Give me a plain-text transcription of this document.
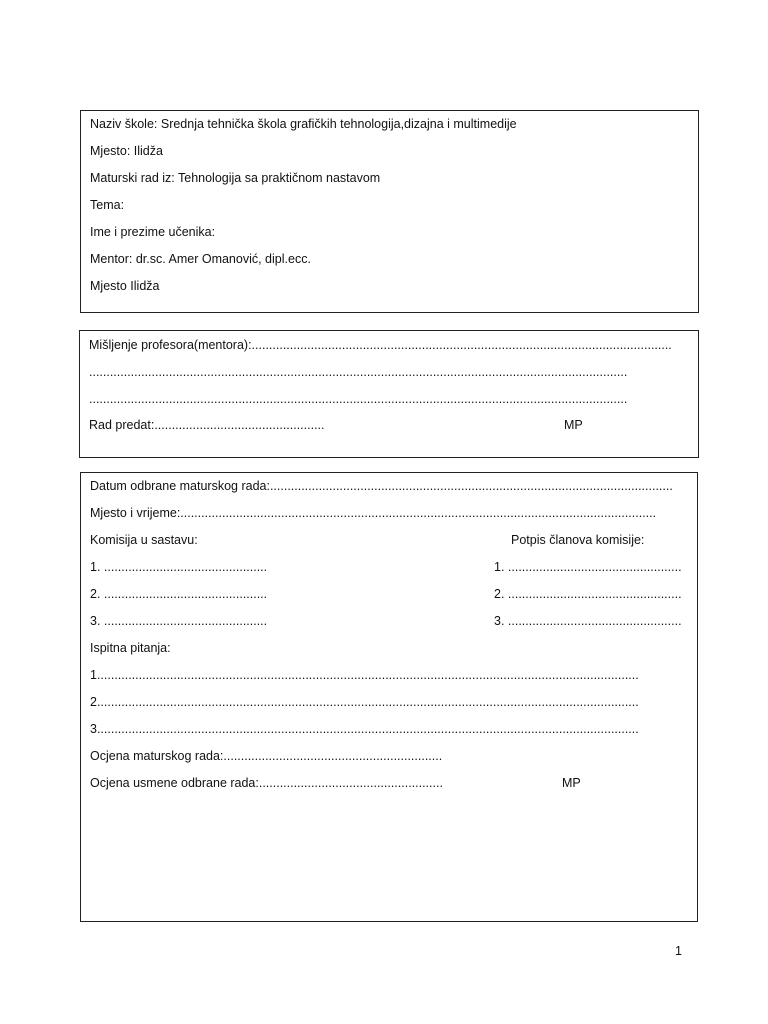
Naziv škole: Srednja tehnička škola grafičkih tehnologija,dizajna i multimedije
Mjesto: Ilidža
Maturski rad iz: Tehnologija sa praktičnom nastavom
Tema:
Ime i prezime učenika:
Mentor: dr.sc. Amer Omanović, dipl.ecc.
Mjesto Ilidža
Mišljenje profesora(mentora):.........................................................................................................................
...........................................................................................................................................................
...........................................................................................................................................................
Rad predat:.................................................	MP
Datum odbrane maturskog rada:....................................................................................................................
Mjesto i vrijeme:.........................................................................................................................................
Komisija u sastavu:	Potpis članova komisije:
1. ...............................................	1. ..................................................
2. ...............................................	2. ..................................................
3. ...............................................	3. ..................................................
Ispitna pitanja:
1............................................................................................................................................................
2............................................................................................................................................................
3............................................................................................................................................................
Ocjena maturskog rada:...............................................................
Ocjena usmene odbrane rada:.....................................................	MP
1
